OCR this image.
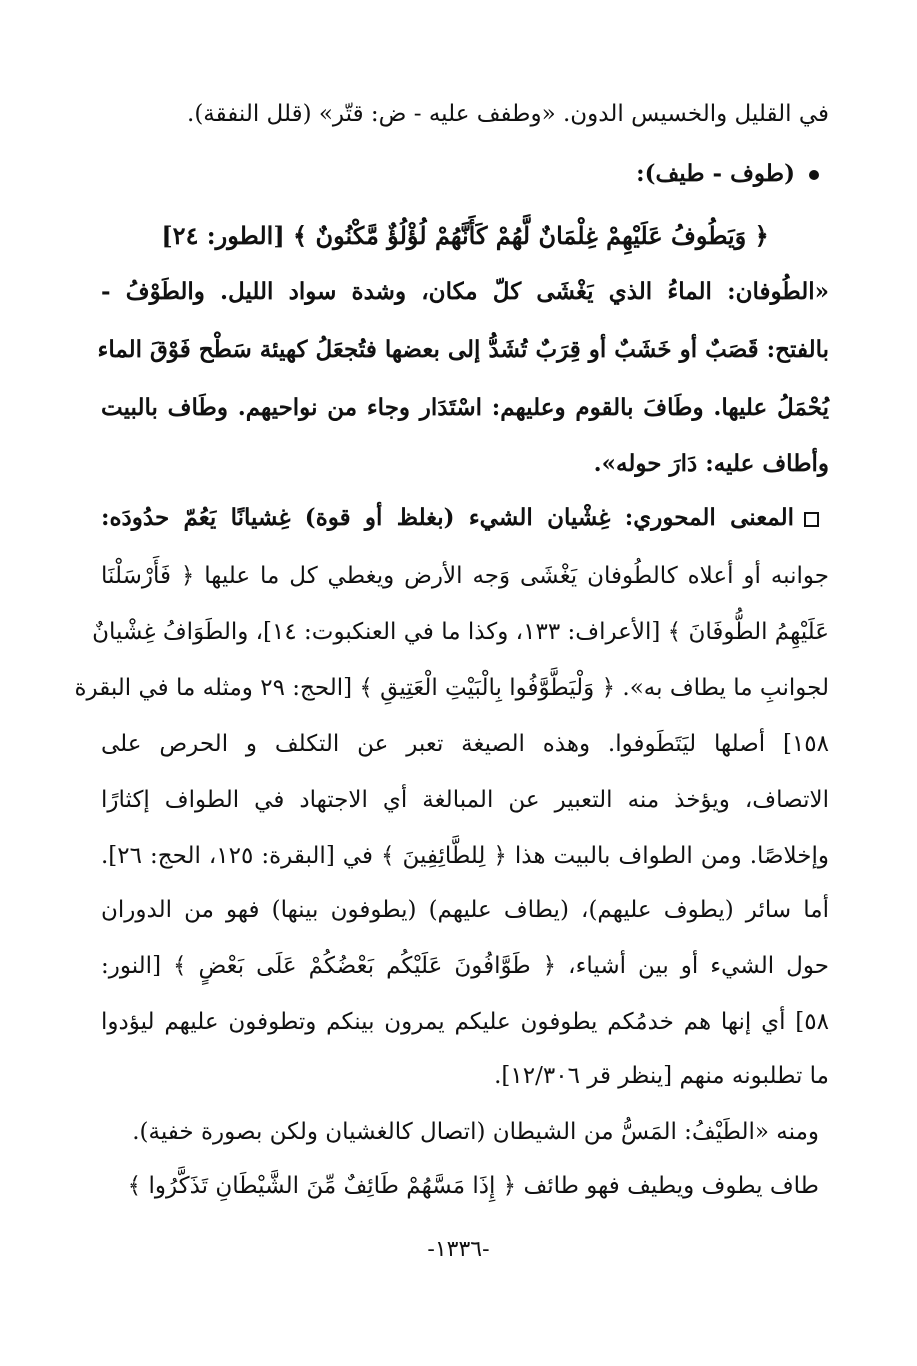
في القليل والخسيس الدون. «وطفف عليه - ض: قتّر» (قلل النفقة).
(طوف - طيف):
﴿ وَيَطُوفُ عَلَيْهِمْ غِلْمَانٌ لَّهُمْ كَأَنَّهُمْ لُؤْلُؤٌ مَّكْنُونٌ ﴾ [الطور: ٢٤]
«الطُوفان: الماءُ الذي يَغْشَى كلّ مكان، وشدة سواد الليل. والطَوْفُ -
بالفتح: قَصَبٌ أو خَشَبٌ أو قِرَبٌ تُشَدُّ إلى بعضها فتُجعَلُ كهيئة سَطْح فَوْقَ الماء
يُحْمَلُ عليها. وطَافَ بالقوم وعليهم: اسْتَدَار وجاء من نواحيهم. وطَاف بالبيت
وأطاف عليه: دَارَ حوله».
المعنى المحوري: غِشْيان الشيء (بغلظ أو قوة) غِشيانًا يَعُمّ حدُودَه:
جوانبه أو أعلاه كالطُوفان يَغْشَى وَجه الأرض ويغطي كل ما عليها ﴿ فَأَرْسَلْنَا
عَلَيْهِمُ الطُّوفَانَ ﴾ [الأعراف: ١٣٣، وكذا ما في العنكبوت: ١٤]، والطَوَافُ غِشْيانٌ
لجوانبِ ما يطاف به». ﴿ وَلْيَطَّوَّفُوا بِالْبَيْتِ الْعَتِيقِ ﴾ [الحج: ٢٩ ومثله ما في البقرة
١٥٨] أصلها ليَتَطَوفوا. وهذه الصيغة تعبر عن التكلف و الحرص على
الاتصاف، ويؤخذ منه التعبير عن المبالغة أي الاجتهاد في الطواف إكثارًا
وإخلاصًا. ومن الطواف بالبيت هذا ﴿ لِلطَّائِفِينَ ﴾ في [البقرة: ١٢٥، الحج: ٢٦].
أما سائر (يطوف عليهم)، (يطاف عليهم) (يطوفون بينها) فهو من الدوران
حول الشيء أو بين أشياء، ﴿ طَوَّافُونَ عَلَيْكُم بَعْضُكُمْ عَلَى بَعْضٍ ﴾ [النور:
٥٨] أي إنها هم خدمُكم يطوفون عليكم يمرون بينكم وتطوفون عليهم ليؤدوا
ما تطلبونه منهم [ينظر قر ١٢/٣٠٦].
ومنه «الطَيْفُ: المَسُّ من الشيطان (اتصال كالغشيان ولكن بصورة خفية).
طاف يطوف ويطيف فهو طائف ﴿ إِذَا مَسَّهُمْ طَائِفٌ مِّنَ الشَّيْطَانِ تَذَكَّرُوا ﴾
-١٣٣٦-
